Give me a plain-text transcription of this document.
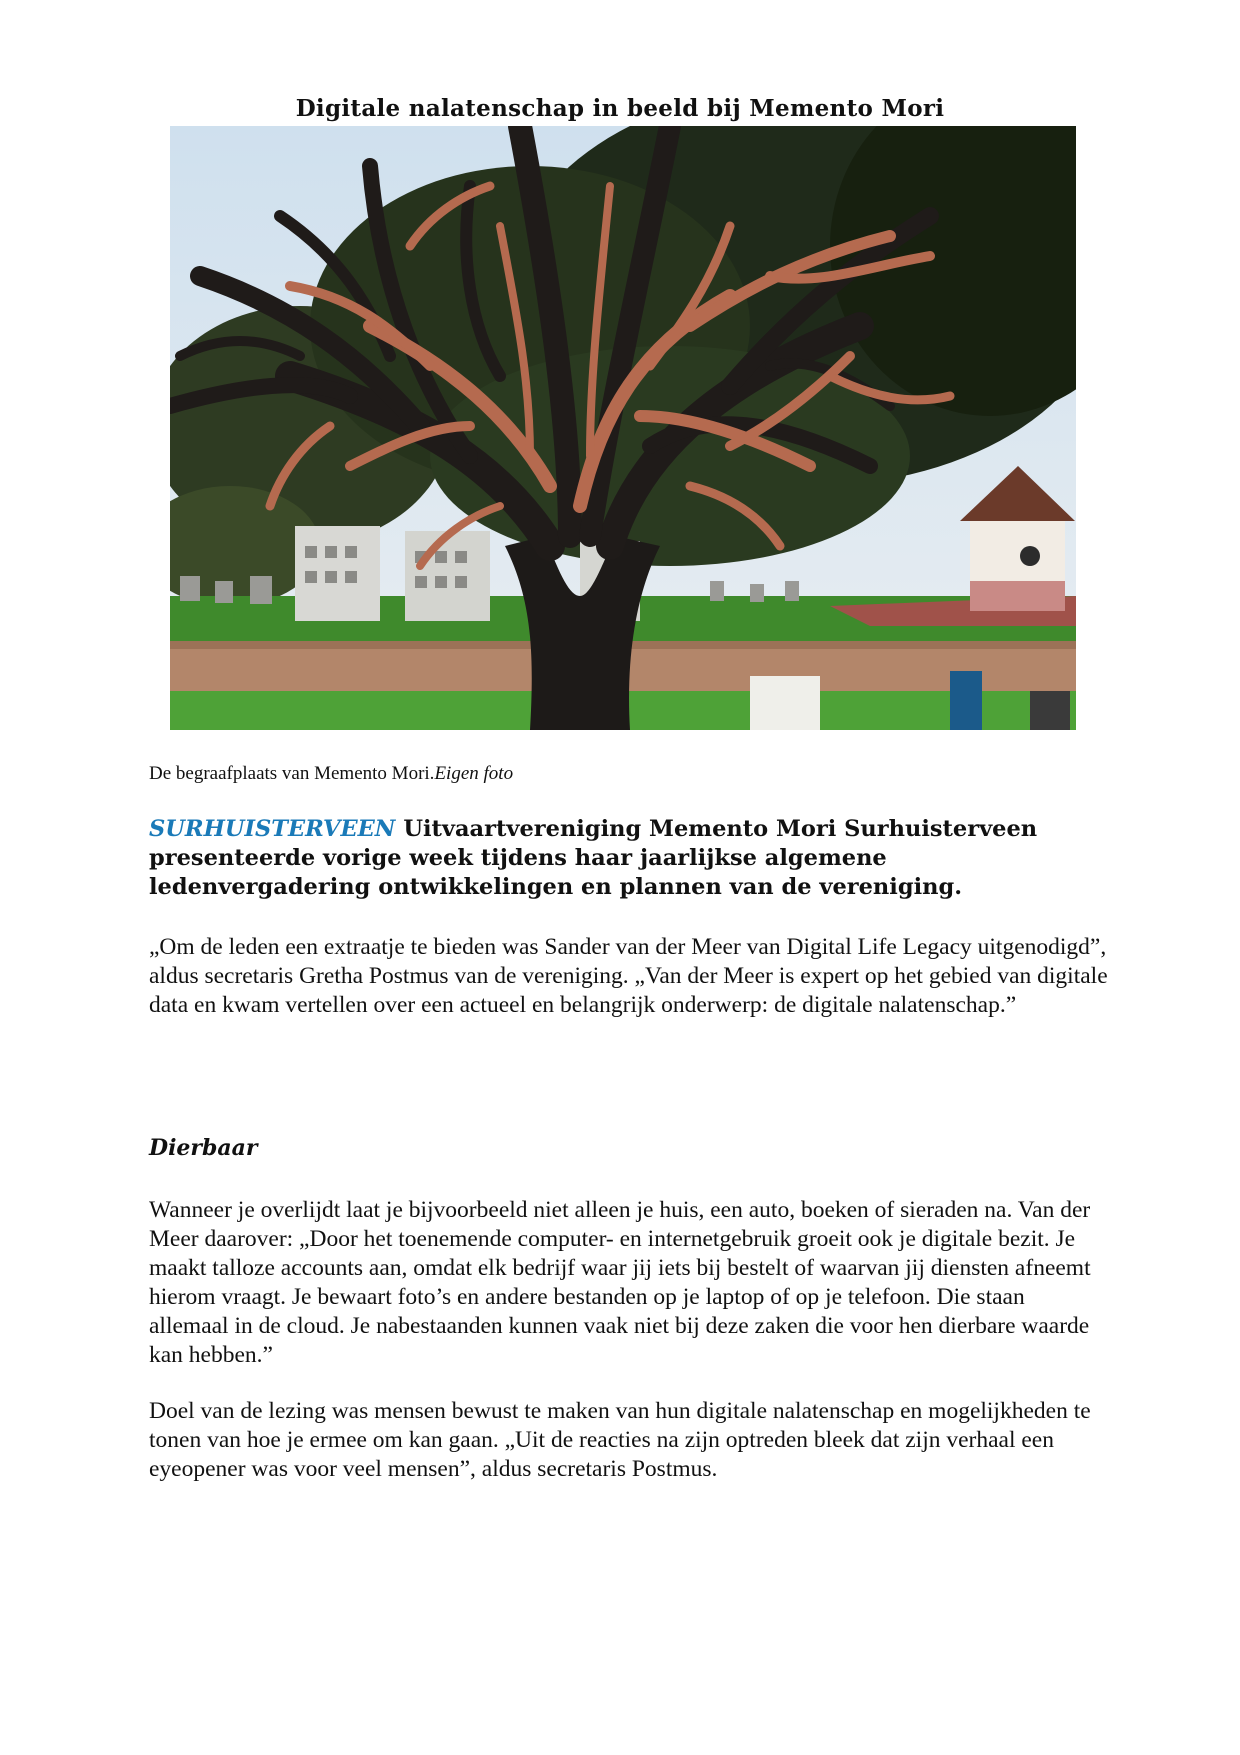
Digitale nalatenschap in beeld bij Memento Mori

De begraafplaats van Memento Mori.Eigen foto

SURHUISTERVEEN Uitvaartvereniging Memento Mori Surhuisterveen presenteerde vorige week tijdens haar jaarlijkse algemene ledenvergadering ontwikkelingen en plannen van de vereniging.

„Om de leden een extraatje te bieden was Sander van der Meer van Digital Life Legacy uitgenodigd”, aldus secretaris Gretha Postmus van de vereniging. „Van der Meer is expert op het gebied van digitale data en kwam vertellen over een actueel en belangrijk onderwerp: de digitale nalatenschap.”

Dierbaar

Wanneer je overlijdt laat je bijvoorbeeld niet alleen je huis, een auto, boeken of sieraden na. Van der Meer daarover: „Door het toenemende computer- en internetgebruik groeit ook je digitale bezit. Je maakt talloze accounts aan, omdat elk bedrijf waar jij iets bij bestelt of waarvan jij diensten afneemt hierom vraagt. Je bewaart foto’s en andere bestanden op je laptop of op je telefoon. Die staan allemaal in de cloud. Je nabestaanden kunnen vaak niet bij deze zaken die voor hen dierbare waarde kan hebben.”

Doel van de lezing was mensen bewust te maken van hun digitale nalatenschap en mogelijkheden te tonen van hoe je ermee om kan gaan. „Uit de reacties na zijn optreden bleek dat zijn verhaal een eyeopener was voor veel mensen”, aldus secretaris Postmus.
